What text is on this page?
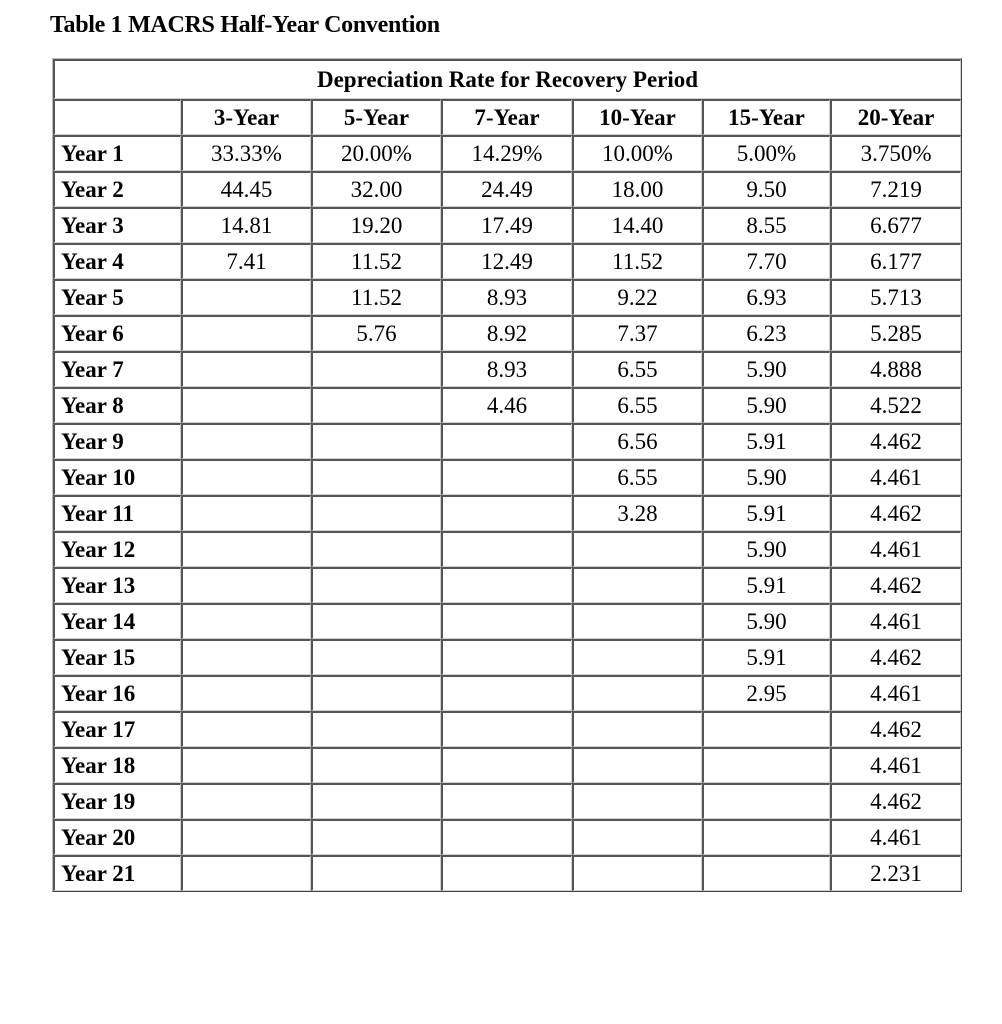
Table 1 MACRS Half-Year Convention
Depreciation Rate for Recovery Period						
	3-Year	5-Year	7-Year	10-Year	15-Year	20-Year
Year 1	33.33%	20.00%	14.29%	10.00%	5.00%	3.750%
Year 2	44.45	32.00	24.49	18.00	9.50	7.219
Year 3	14.81	19.20	17.49	14.40	8.55	6.677
Year 4	7.41	11.52	12.49	11.52	7.70	6.177
Year 5		11.52	8.93	9.22	6.93	5.713
Year 6		5.76	8.92	7.37	6.23	5.285
Year 7			8.93	6.55	5.90	4.888
Year 8			4.46	6.55	5.90	4.522
Year 9				6.56	5.91	4.462
Year 10				6.55	5.90	4.461
Year 11				3.28	5.91	4.462
Year 12					5.90	4.461
Year 13					5.91	4.462
Year 14					5.90	4.461
Year 15					5.91	4.462
Year 16					2.95	4.461
Year 17						4.462
Year 18						4.461
Year 19						4.462
Year 20						4.461
Year 21						2.231
